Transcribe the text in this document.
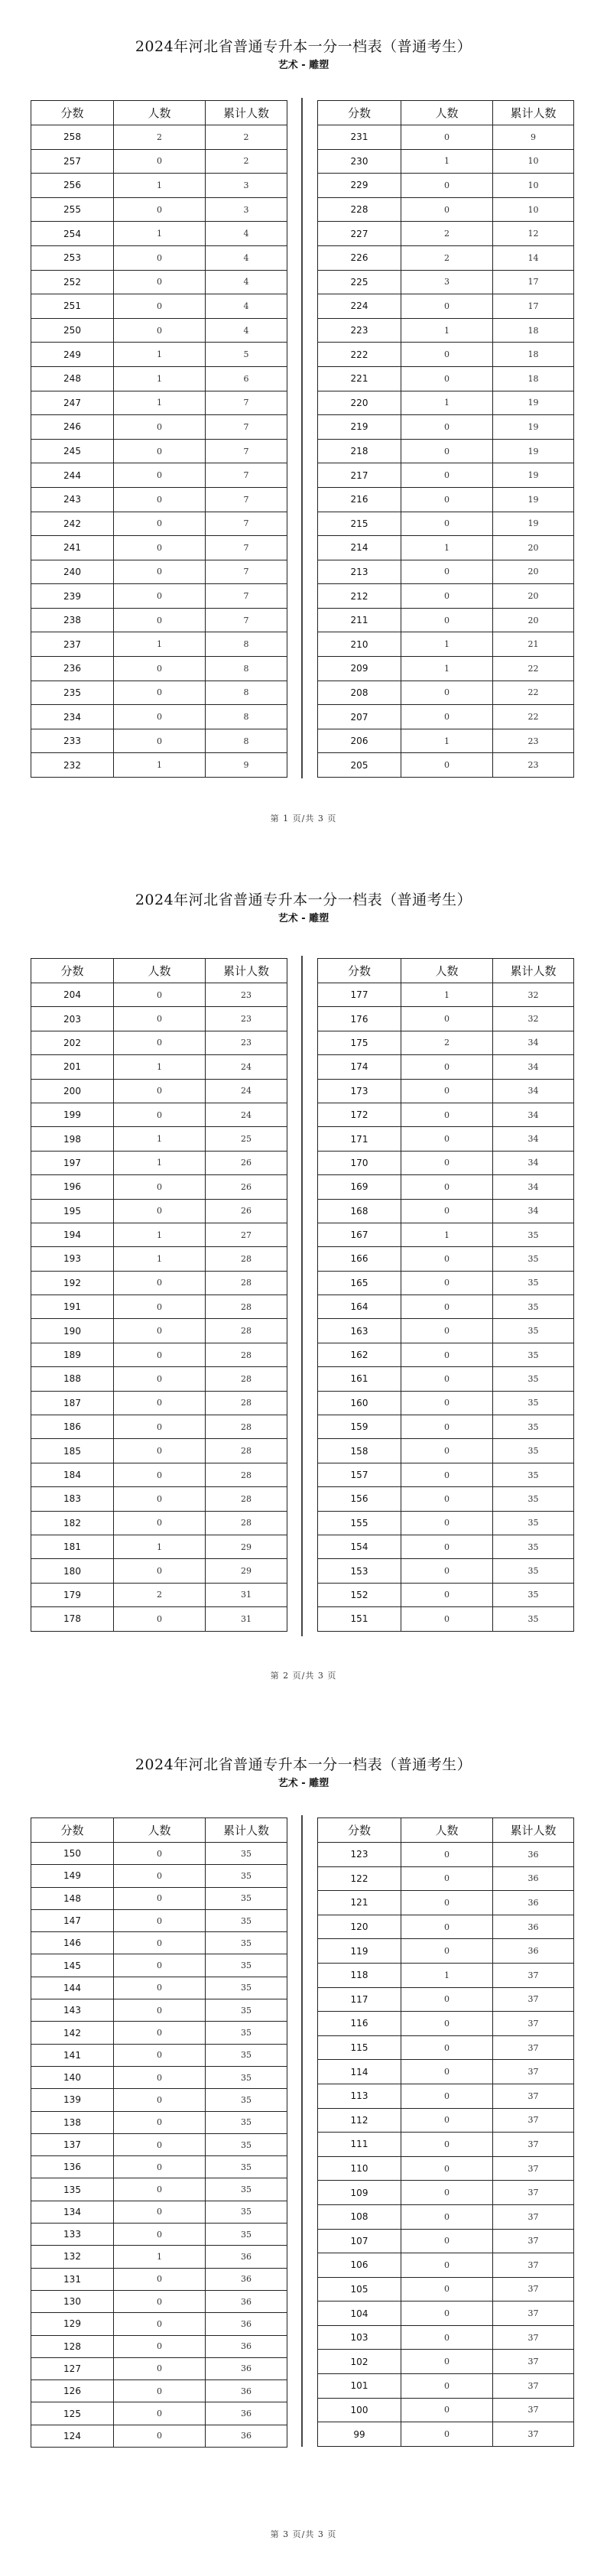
2024年河北省普通专升本一分一档表（普通考生）
艺术 - 雕塑
分数	人数	累计人数
258	2	2
257	0	2
256	1	3
255	0	3
254	1	4
253	0	4
252	0	4
251	0	4
250	0	4
249	1	5
248	1	6
247	1	7
246	0	7
245	0	7
244	0	7
243	0	7
242	0	7
241	0	7
240	0	7
239	0	7
238	0	7
237	1	8
236	0	8
235	0	8
234	0	8
233	0	8
232	1	9
分数	人数	累计人数
231	0	9
230	1	10
229	0	10
228	0	10
227	2	12
226	2	14
225	3	17
224	0	17
223	1	18
222	0	18
221	0	18
220	1	19
219	0	19
218	0	19
217	0	19
216	0	19
215	0	19
214	1	20
213	0	20
212	0	20
211	0	20
210	1	21
209	1	22
208	0	22
207	0	22
206	1	23
205	0	23
第 1 页/共 3 页
2024年河北省普通专升本一分一档表（普通考生）
艺术 - 雕塑
分数	人数	累计人数
204	0	23
203	0	23
202	0	23
201	1	24
200	0	24
199	0	24
198	1	25
197	1	26
196	0	26
195	0	26
194	1	27
193	1	28
192	0	28
191	0	28
190	0	28
189	0	28
188	0	28
187	0	28
186	0	28
185	0	28
184	0	28
183	0	28
182	0	28
181	1	29
180	0	29
179	2	31
178	0	31
分数	人数	累计人数
177	1	32
176	0	32
175	2	34
174	0	34
173	0	34
172	0	34
171	0	34
170	0	34
169	0	34
168	0	34
167	1	35
166	0	35
165	0	35
164	0	35
163	0	35
162	0	35
161	0	35
160	0	35
159	0	35
158	0	35
157	0	35
156	0	35
155	0	35
154	0	35
153	0	35
152	0	35
151	0	35
第 2 页/共 3 页
2024年河北省普通专升本一分一档表（普通考生）
艺术 - 雕塑
分数	人数	累计人数
150	0	35
149	0	35
148	0	35
147	0	35
146	0	35
145	0	35
144	0	35
143	0	35
142	0	35
141	0	35
140	0	35
139	0	35
138	0	35
137	0	35
136	0	35
135	0	35
134	0	35
133	0	35
132	1	36
131	0	36
130	0	36
129	0	36
128	0	36
127	0	36
126	0	36
125	0	36
124	0	36
分数	人数	累计人数
123	0	36
122	0	36
121	0	36
120	0	36
119	0	36
118	1	37
117	0	37
116	0	37
115	0	37
114	0	37
113	0	37
112	0	37
111	0	37
110	0	37
109	0	37
108	0	37
107	0	37
106	0	37
105	0	37
104	0	37
103	0	37
102	0	37
101	0	37
100	0	37
99	0	37
第 3 页/共 3 页
